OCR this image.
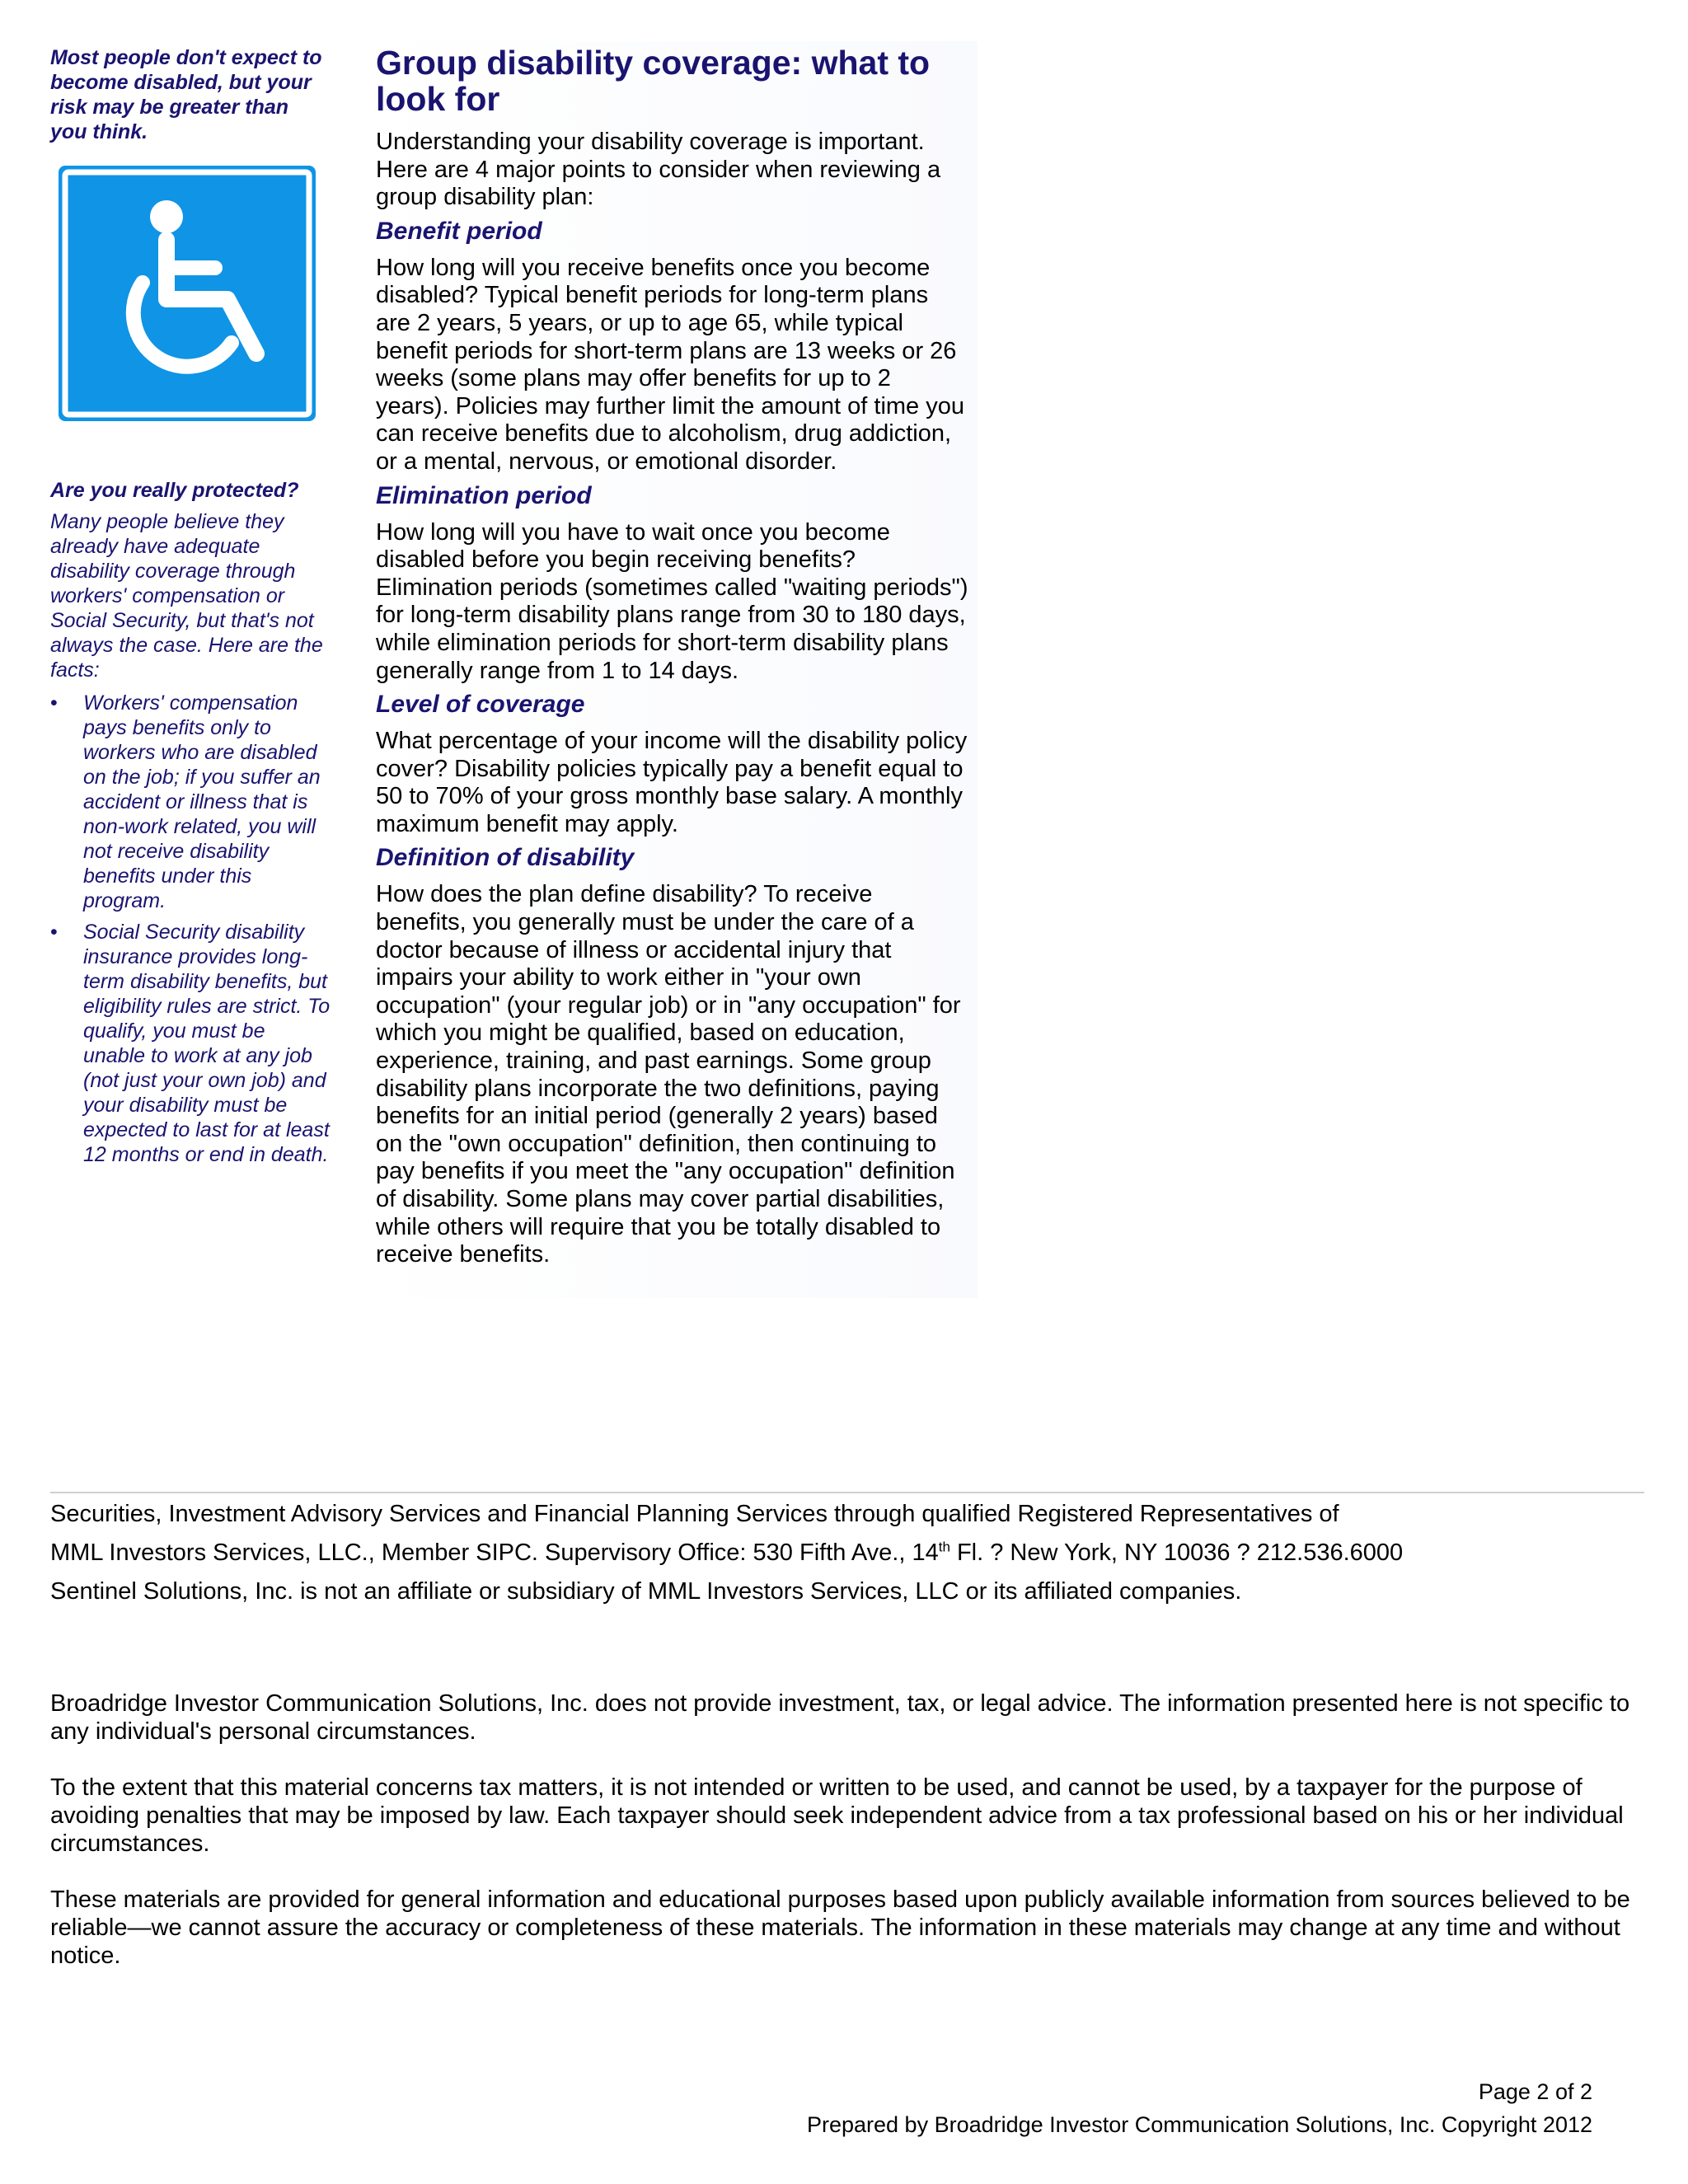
Most people don't expect to become disabled, but your risk may be greater than you think.

Are you really protected?

Many people believe they already have adequate disability coverage through workers' compensation or Social Security, but that's not always the case. Here are the facts:

• Workers' compensation pays benefits only to workers who are disabled on the job; if you suffer an accident or illness that is non-work related, you will not receive disability benefits under this program.
• Social Security disability insurance provides long-term disability benefits, but eligibility rules are strict. To qualify, you must be unable to work at any job (not just your own job) and your disability must be expected to last for at least 12 months or end in death.
Group disability coverage: what to look for

Understanding your disability coverage is important. Here are 4 major points to consider when reviewing a group disability plan:

Benefit period

How long will you receive benefits once you become disabled? Typical benefit periods for long-term plans are 2 years, 5 years, or up to age 65, while typical benefit periods for short-term plans are 13 weeks or 26 weeks (some plans may offer benefits for up to 2 years). Policies may further limit the amount of time you can receive benefits due to alcoholism, drug addiction, or a mental, nervous, or emotional disorder.

Elimination period

How long will you have to wait once you become disabled before you begin receiving benefits? Elimination periods (sometimes called "waiting periods") for long-term disability plans range from 30 to 180 days, while elimination periods for short-term disability plans generally range from 1 to 14 days.

Level of coverage

What percentage of your income will the disability policy cover? Disability policies typically pay a benefit equal to 50 to 70% of your gross monthly base salary. A monthly maximum benefit may apply.

Definition of disability

How does the plan define disability? To receive benefits, you generally must be under the care of a doctor because of illness or accidental injury that impairs your ability to work either in "your own occupation" (your regular job) or in "any occupation" for which you might be qualified, based on education, experience, training, and past earnings. Some group disability plans incorporate the two definitions, paying benefits for an initial period (generally 2 years) based on the "own occupation" definition, then continuing to pay benefits if you meet the "any occupation" definition of disability. Some plans may cover partial disabilities, while others will require that you be totally disabled to receive benefits.

Securities, Investment Advisory Services and Financial Planning Services through qualified Registered Representatives of

MML Investors Services, LLC., Member SIPC. Supervisory Office: 530 Fifth Ave., 14th Fl. ? New York, NY 10036 ? 212.536.6000

Sentinel Solutions, Inc. is not an affiliate or subsidiary of MML Investors Services, LLC or its affiliated companies.

Broadridge Investor Communication Solutions, Inc. does not provide investment, tax, or legal advice. The information presented here is not specific to any individual's personal circumstances.

To the extent that this material concerns tax matters, it is not intended or written to be used, and cannot be used, by a taxpayer for the purpose of avoiding penalties that may be imposed by law. Each taxpayer should seek independent advice from a tax professional based on his or her individual circumstances.

These materials are provided for general information and educational purposes based upon publicly available information from sources believed to be reliable—we cannot assure the accuracy or completeness of these materials. The information in these materials may change at any time and without notice.

Page 2 of 2
Prepared by Broadridge Investor Communication Solutions, Inc. Copyright 2012
